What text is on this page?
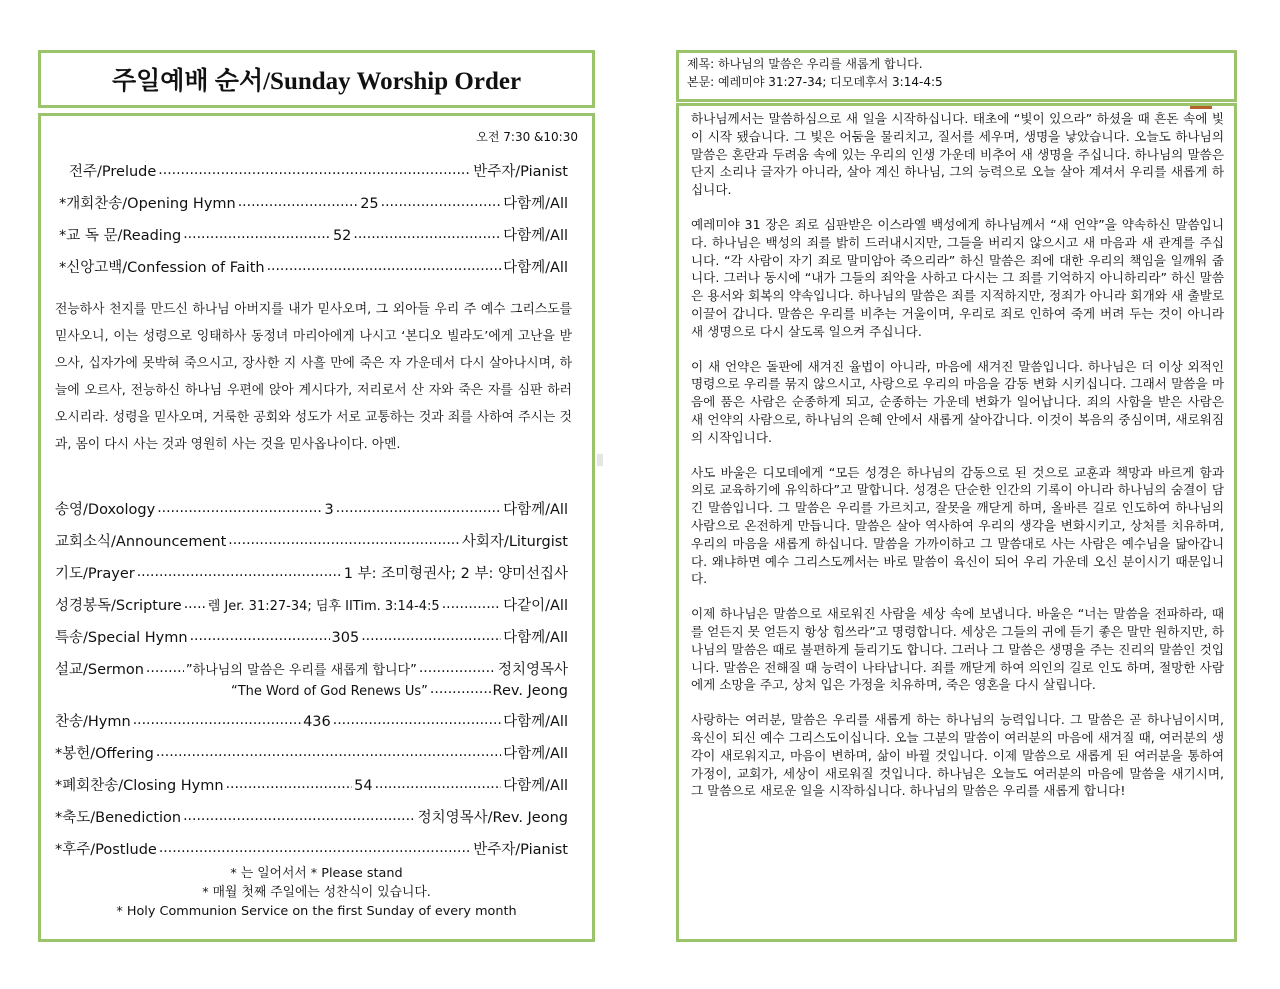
주일예배 순서/Sunday Worship Order
오전 7:30 &10:30
전주/Prelude .....	반주자/Pianist
*개회찬송/Opening Hymn .....	25 .....	다함께/All
*교 독 문/Reading .....	52 .....	다함께/All
*신앙고백/Confession of Faith .....	다함께/All
전능하사 천지를 만드신 하나님 아버지를 내가 믿사오며, 그 외아들 우리 주 예수 그리스도를 믿사오니, 이는 성령으로 잉태하사 동정녀 마리아에게 나시고 ‘본디오 빌라도’에게 고난을 받으사, 십자가에 못박혀 죽으시고, 장사한 지 사흘 만에 죽은 자 가운데서 다시 살아나시며, 하늘에 오르사, 전능하신 하나님 우편에 앉아 계시다가, 저리로서 산 자와 죽은 자를 심판 하러 오시리라. 성령을 믿사오며, 거룩한 공회와 성도가 서로 교통하는 것과 죄를 사하여 주시는 것과, 몸이 다시 사는 것과 영원히 사는 것을 믿사옵나이다. 아멘.
송영/Doxology .....	3 .....	다함께/All
교회소식/Announcement .....	사회자/Liturgist
기도/Prayer .....	1 부: 조미형권사; 2 부: 양미선집사
성경봉독/Scripture ..... 렘 Jer. 31:27-34; 딤후 IITim. 3:14-4:5 .....	다같이/All
특송/Special Hymn .....	305 .....	다함께/All
설교/Sermon .....	”하나님의 말씀은 우리를 새롭게 합니다” .....	정치영목사
“The Word of God Renews Us” .....	Rev. Jeong
찬송/Hymn .....	436 .....	다함께/All
*봉헌/Offering .....	다함께/All
*폐회찬송/Closing Hymn .....	54 .....	다함께/All
*축도/Benediction .....	정치영목사/Rev. Jeong
*후주/Postlude .....	반주자/Pianist
* 는 일어서서 * Please stand
* 매월 첫째 주일에는 성찬식이 있습니다.
* Holy Communion Service on the first Sunday of every month
제목: 하나님의 말씀은 우리를 새롭게 합니다.
본문: 예레미야 31:27-34; 디모데후서 3:14-4:5

하나님께서는 말씀하심으로 새 일을 시작하십니다. 태초에 “빛이 있으라” 하셨을 때 흔돈 속에 빛이 시작 됐습니다. 그 빛은 어둠을 물리치고, 질서를 세우며, 생명을 낳았습니다. 오늘도 하나님의 말씀은 혼란과 두려움 속에 있는 우리의 인생 가운데 비추어 새 생명을 주십니다. 하나님의 말씀은 단지 소리나 글자가 아니라, 살아 계신 하나님, 그의 능력으로 오늘 살아 계셔서 우리를 새롭게 하십니다.

예레미야 31 장은 죄로 심판받은 이스라엘 백성에게 하나님께서 “새 언약”을 약속하신 말씀입니다. 하나님은 백성의 죄를 밝히 드러내시지만, 그들을 버리지 않으시고 새 마음과 새 관계를 주십니다. “각 사람이 자기 죄로 말미암아 죽으리라” 하신 말씀은 죄에 대한 우리의 책임을 일깨워 줍니다. 그러나 동시에 “내가 그들의 죄악을 사하고 다시는 그 죄를 기억하지 아니하리라” 하신 말씀은 용서와 회복의 약속입니다. 하나님의 말씀은 죄를 지적하지만, 정죄가 아니라 회개와 새 출발로 이끌어 갑니다. 말씀은 우리를 비추는 거울이며, 우리로 죄로 인하여 죽게 버려 두는 것이 아니라 새 생명으로 다시 살도록 일으켜 주십니다.

이 새 언약은 돌판에 새겨진 율법이 아니라, 마음에 새겨진 말씀입니다. 하나님은 더 이상 외적인 명령으로 우리를 묶지 않으시고, 사랑으로 우리의 마음을 감동 변화 시키십니다. 그래서 말씀을 마음에 품은 사람은 순종하게 되고, 순종하는 가운데 변화가 일어납니다. 죄의 사함을 받은 사람은 새 언약의 사람으로, 하나님의 은혜 안에서 새롭게 살아갑니다. 이것이 복음의 중심이며, 새로워짐의 시작입니다.

사도 바울은 디모데에게 “모든 성경은 하나님의 감동으로 된 것으로 교훈과 책망과 바르게 함과 의로 교육하기에 유익하다”고 말합니다. 성경은 단순한 인간의 기록이 아니라 하나님의 숨결이 담긴 말씀입니다. 그 말씀은 우리를 가르치고, 잘못을 깨닫게 하며, 올바른 길로 인도하여 하나님의 사람으로 온전하게 만듭니다. 말씀은 살아 역사하여 우리의 생각을 변화시키고, 상처를 치유하며, 우리의 마음을 새롭게 하십니다. 말씀을 가까이하고 그 말씀대로 사는 사람은 예수님을 닮아갑니다. 왜냐하면 예수 그리스도께서는 바로 말씀이 육신이 되어 우리 가운데 오신 분이시기 때문입니다.

이제 하나님은 말씀으로 새로워진 사람을 세상 속에 보냅니다. 바울은 “너는 말씀을 전파하라, 때를 얻든지 못 얻든지 항상 힘쓰라”고 명령합니다. 세상은 그들의 귀에 듣기 좋은 말만 원하지만, 하나님의 말씀은 때로 불편하게 들리기도 합니다. 그러나 그 말씀은 생명을 주는 진리의 말씀인 것입니다. 말씀은 전해질 때 능력이 나타납니다. 죄를 깨닫게 하여 의인의 길로 인도 하며, 절망한 사람에게 소망을 주고, 상처 입은 가정을 치유하며, 죽은 영혼을 다시 살립니다.

사랑하는 여러분, 말씀은 우리를 새롭게 하는 하나님의 능력입니다. 그 말씀은 곧 하나님이시며, 육신이 되신 예수 그리스도이십니다. 오늘 그분의 말씀이 여러분의 마음에 새겨질 때, 여러분의 생각이 새로워지고, 마음이 변하며, 삶이 바뀔 것입니다. 이제 말씀으로 새롭게 된 여러분을 통하여 가정이, 교회가, 세상이 새로워질 것입니다. 하나님은 오늘도 여러분의 마음에 말씀을 새기시며, 그 말씀으로 새로운 일을 시작하십니다. 하나님의 말씀은 우리를 새롭게 합니다!
